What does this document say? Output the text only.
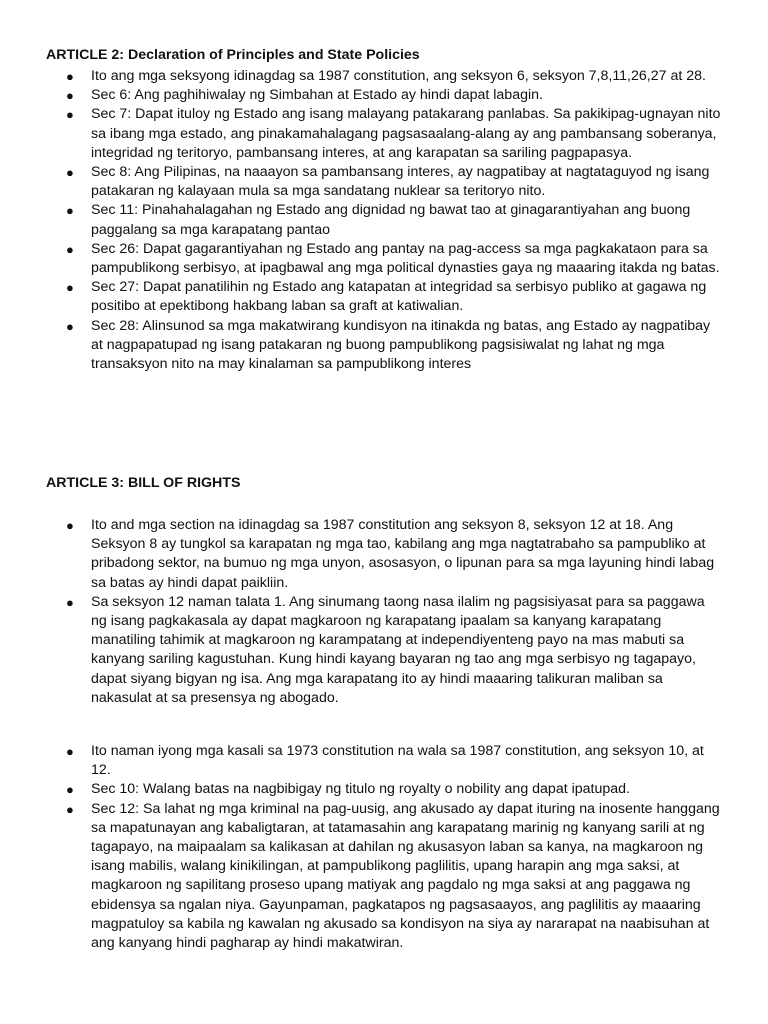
ARTICLE 2: Declaration of Principles and State Policies
● Ito ang mga seksyong idinagdag sa 1987 constitution, ang seksyon 6, seksyon 7,8,11,26,27 at 28.
● Sec 6: Ang paghihiwalay ng Simbahan at Estado ay hindi dapat labagin.
● Sec 7: Dapat ituloy ng Estado ang isang malayang patakarang panlabas. Sa pakikipag-ugnayan nito sa ibang mga estado, ang pinakamahalagang pagsasaalang-alang ay ang pambansang soberanya, integridad ng teritoryo, pambansang interes, at ang karapatan sa sariling pagpapasya.
● Sec 8: Ang Pilipinas, na naaayon sa pambansang interes, ay nagpatibay at nagtataguyod ng isang patakaran ng kalayaan mula sa mga sandatang nuklear sa teritoryo nito.
● Sec 11: Pinahahalagahan ng Estado ang dignidad ng bawat tao at ginagarantiyahan ang buong paggalang sa mga karapatang pantao
● Sec 26: Dapat gagarantiyahan ng Estado ang pantay na pag-access sa mga pagkakataon para sa pampublikong serbisyo, at ipagbawal ang mga political dynasties gaya ng maaaring itakda ng batas.
● Sec 27: Dapat panatilihin ng Estado ang katapatan at integridad sa serbisyo publiko at gagawa ng positibo at epektibong hakbang laban sa graft at katiwalian.
● Sec 28: Alinsunod sa mga makatwirang kundisyon na itinakda ng batas, ang Estado ay nagpatibay at nagpapatupad ng isang patakaran ng buong pampublikong pagsisiwalat ng lahat ng mga transaksyon nito na may kinalaman sa pampublikong interes
ARTICLE 3: BILL OF RIGHTS
● Ito and mga section na idinagdag sa 1987 constitution ang seksyon 8, seksyon 12 at 18. Ang Seksyon 8 ay tungkol sa karapatan ng mga tao, kabilang ang mga nagtatrabaho sa pampubliko at pribadong sektor, na bumuo ng mga unyon, asosasyon, o lipunan para sa mga layuning hindi labag sa batas ay hindi dapat paikliin.
● Sa seksyon 12 naman talata 1. Ang sinumang taong nasa ilalim ng pagsisiyasat para sa paggawa ng isang pagkakasala ay dapat magkaroon ng karapatang ipaalam sa kanyang karapatang manatiling tahimik at magkaroon ng karampatang at independiyenteng payo na mas mabuti sa kanyang sariling kagustuhan. Kung hindi kayang bayaran ng tao ang mga serbisyo ng tagapayo, dapat siyang bigyan ng isa. Ang mga karapatang ito ay hindi maaaring talikuran maliban sa nakasulat at sa presensya ng abogado.
● Ito naman iyong mga kasali sa 1973 constitution na wala sa 1987 constitution, ang seksyon 10, at 12.
● Sec 10: Walang batas na nagbibigay ng titulo ng royalty o nobility ang dapat ipatupad.
● Sec 12: Sa lahat ng mga kriminal na pag-uusig, ang akusado ay dapat ituring na inosente hanggang sa mapatunayan ang kabaligtaran, at tatamasahin ang karapatang marinig ng kanyang sarili at ng tagapayo, na maipaalam sa kalikasan at dahilan ng akusasyon laban sa kanya, na magkaroon ng isang mabilis, walang kinikilingan, at pampublikong paglilitis, upang harapin ang mga saksi, at magkaroon ng sapilitang proseso upang matiyak ang pagdalo ng mga saksi at ang paggawa ng ebidensya sa ngalan niya. Gayunpaman, pagkatapos ng pagsasaayos, ang paglilitis ay maaaring magpatuloy sa kabila ng kawalan ng akusado sa kondisyon na siya ay nararapat na naabisuhan at ang kanyang hindi pagharap ay hindi makatwiran.
